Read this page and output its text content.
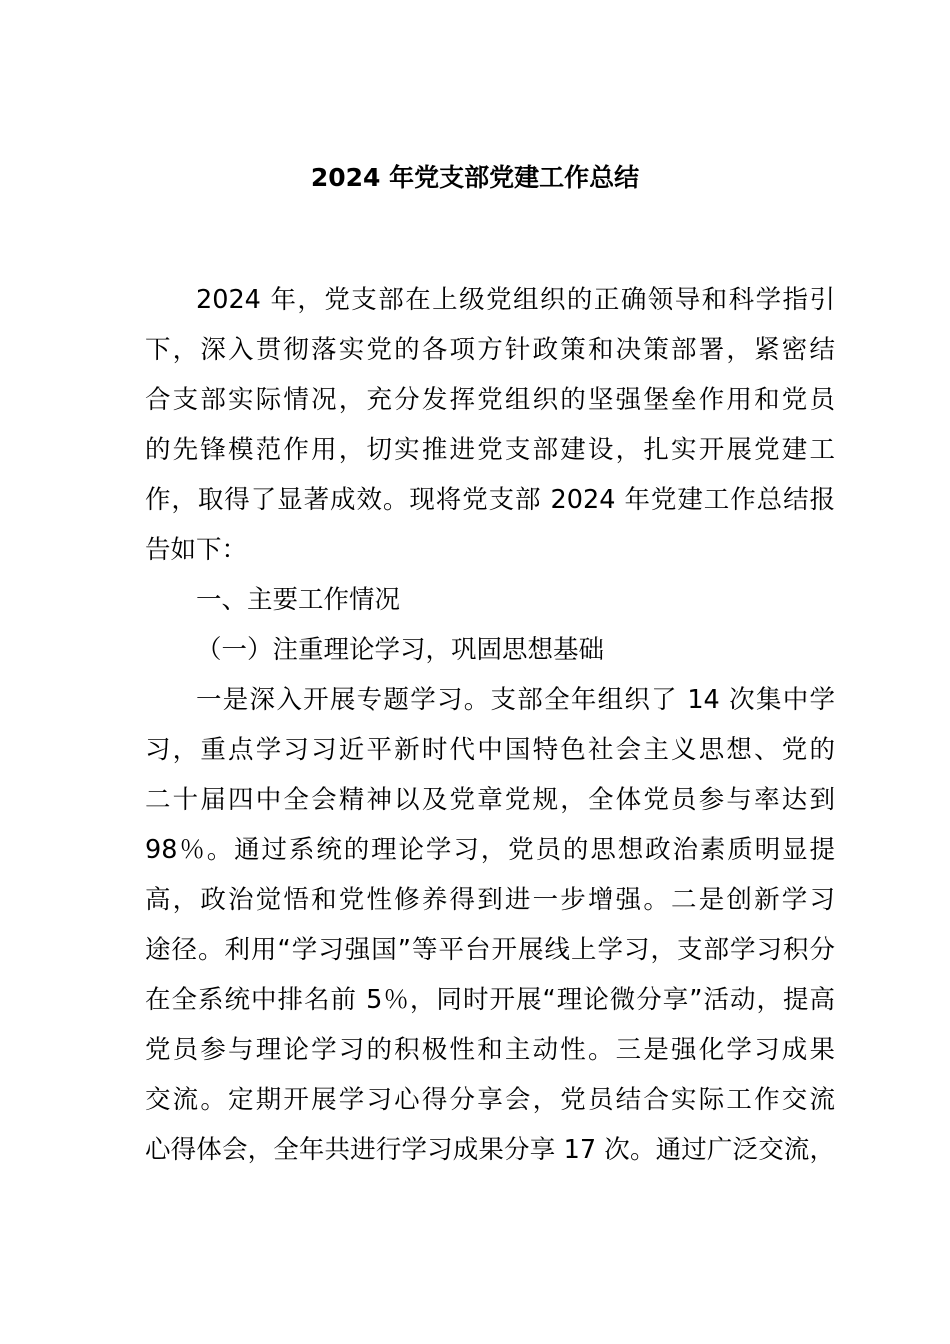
2024 年党支部党建工作总结

2024 年，党支部在上级党组织的正确领导和科学指引

下，深入贯彻落实党的各项方针政策和决策部署，紧密结

合支部实际情况，充分发挥党组织的坚强堡垒作用和党员

的先锋模范作用，切实推进党支部建设，扎实开展党建工

作，取得了显著成效。现将党支部 2024 年党建工作总结报

告如下：

一、主要工作情况

（一）注重理论学习，巩固思想基础

一是深入开展专题学习。支部全年组织了 14 次集中学

习，重点学习习近平新时代中国特色社会主义思想、党的

二十届四中全会精神以及党章党规，全体党员参与率达到

98％。通过系统的理论学习，党员的思想政治素质明显提

高，政治觉悟和党性修养得到进一步增强。二是创新学习

途径。利用“学习强国”等平台开展线上学习，支部学习积分

在全系统中排名前 5％，同时开展“理论微分享”活动，提高

党员参与理论学习的积极性和主动性。三是强化学习成果

交流。定期开展学习心得分享会，党员结合实际工作交流

心得体会，全年共进行学习成果分享 17 次。通过广泛交流，
